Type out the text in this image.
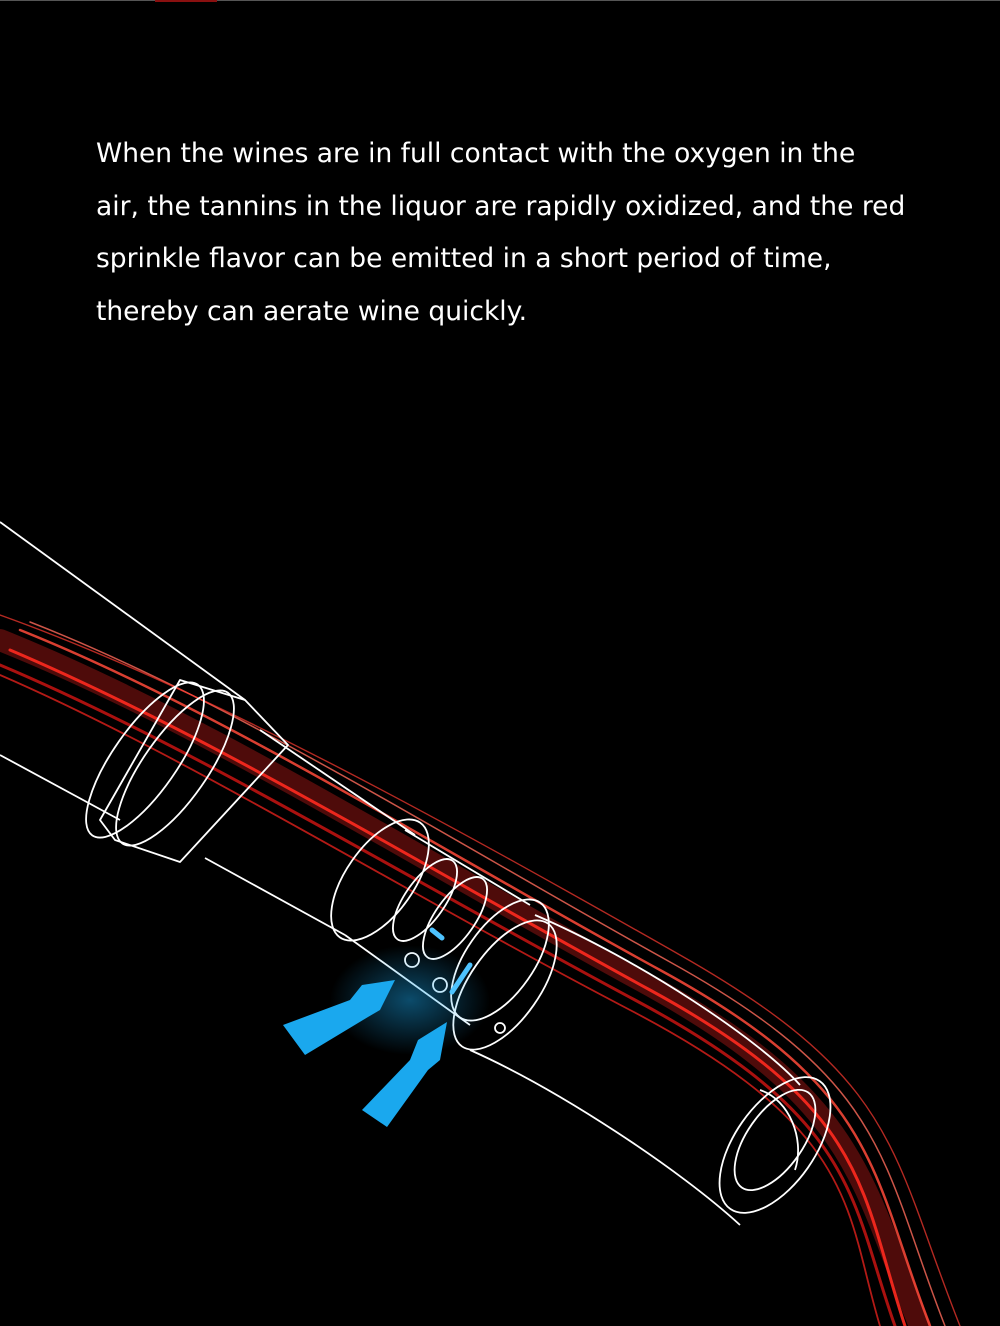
When the wines are in full contact with the oxygen in the air, the tannins in the liquor are rapidly oxidized, and the red sprinkle flavor can be emitted in a short period of time, thereby can aerate wine quickly.
